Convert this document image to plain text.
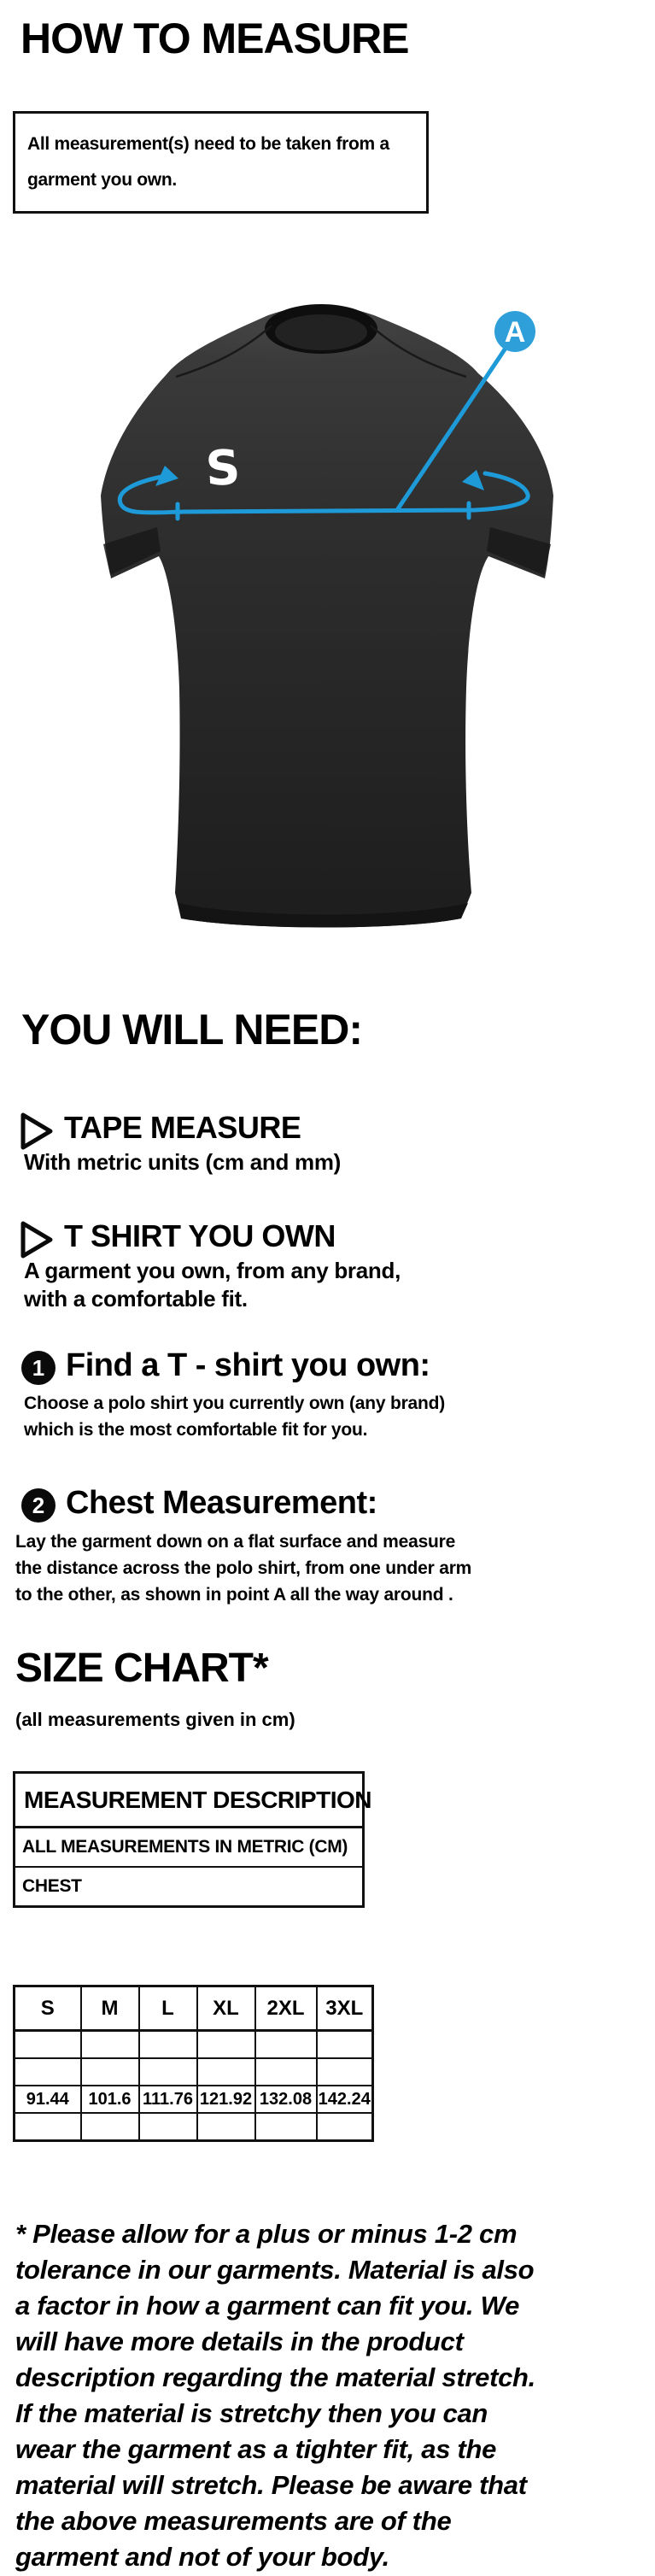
HOW TO MEASURE
All measurement(s) need to be taken from a
garment you own.
S
A
YOU WILL NEED:
TAPE MEASURE
With metric units (cm and mm)
T SHIRT YOU OWN
A garment you own, from any brand,
with a comfortable fit.
1 Find a T - shirt you own:
Choose a polo shirt you currently own (any brand)
which is the most comfortable fit for you.
2 Chest Measurement:
Lay the garment down on a flat surface and measure
the distance across the polo shirt, from one under arm
to the other, as shown in point A all the way around .
SIZE CHART*
(all measurements given in cm)
MEASUREMENT DESCRIPTION
ALL MEASUREMENTS IN METRIC (CM)
CHEST
S	M	L	XL	2XL	3XL

91.44	101.6	111.76	121.92	132.08	142.24

* Please allow for a plus or minus 1-2 cm
tolerance in our garments. Material is also
a factor in how a garment can fit you. We
will have more details in the product
description regarding the material stretch.
If the material is stretchy then you can
wear the garment as a tighter fit, as the
material will stretch. Please be aware that
the above measurements are of the
garment and not of your body.
